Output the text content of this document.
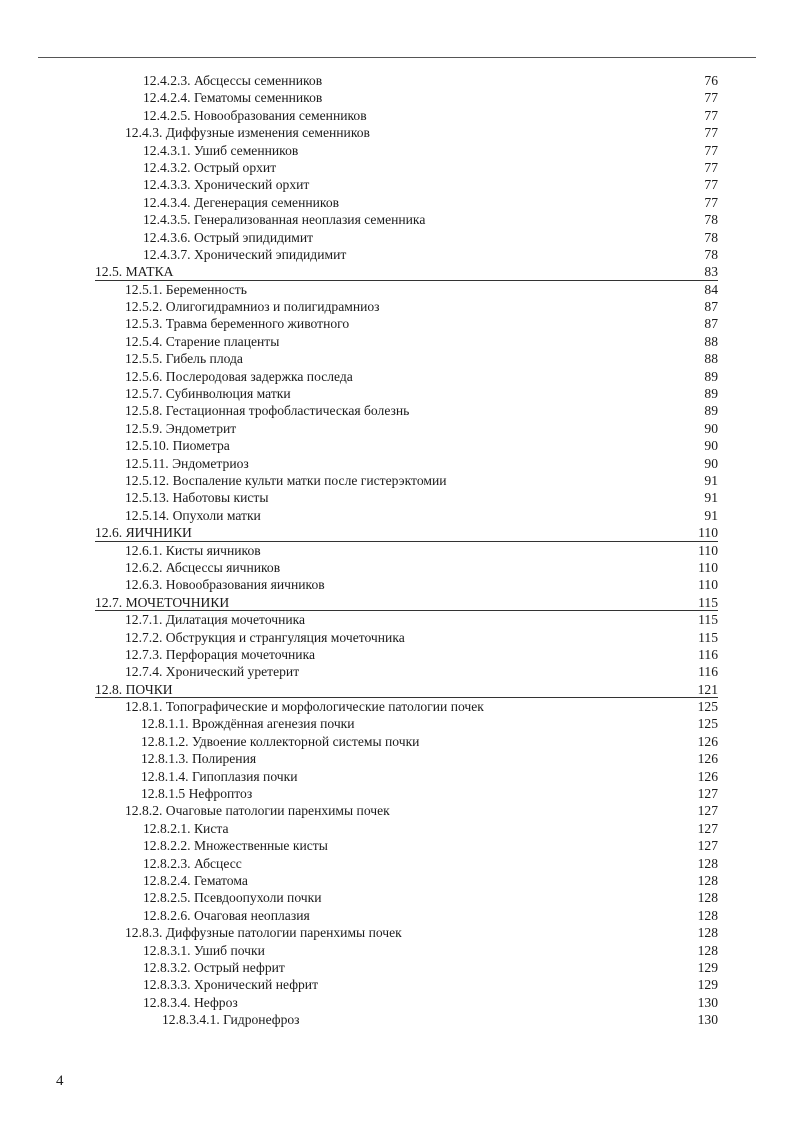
12.4.2.3. Абсцессы семенников	76
12.4.2.4. Гематомы семенников	77
12.4.2.5. Новообразования семенников	77
12.4.3. Диффузные изменения семенников	77
12.4.3.1. Ушиб семенников	77
12.4.3.2. Острый орхит	77
12.4.3.3. Хронический орхит	77
12.4.3.4. Дегенерация семенников	77
12.4.3.5. Генерализованная неоплазия семенника	78
12.4.3.6. Острый эпидидимит	78
12.4.3.7. Хронический эпидидимит	78
12.5. МАТКА	83
12.5.1. Беременность	84
12.5.2. Олигогидрамниоз и полигидрамниоз	87
12.5.3. Травма беременного животного	87
12.5.4. Старение плаценты	88
12.5.5. Гибель плода	88
12.5.6. Послеродовая задержка последа	89
12.5.7. Субинволюция матки	89
12.5.8. Гестационная трофобластическая болезнь	89
12.5.9. Эндометрит	90
12.5.10. Пиометра	90
12.5.11. Эндометриоз	90
12.5.12. Воспаление культи матки после гистерэктомии	91
12.5.13. Наботовы кисты	91
12.5.14. Опухоли матки	91
12.6. ЯИЧНИКИ	110
12.6.1. Кисты яичников	110
12.6.2. Абсцессы яичников	110
12.6.3. Новообразования яичников	110
12.7. МОЧЕТОЧНИКИ	115
12.7.1. Дилатация мочеточника	115
12.7.2. Обструкция и странгуляция мочеточника	115
12.7.3. Перфорация мочеточника	116
12.7.4. Хронический уретерит	116
12.8. ПОЧКИ	121
12.8.1. Топографические и морфологические патологии почек	125
12.8.1.1. Врождённая агенезия почки	125
12.8.1.2. Удвоение коллекторной системы почки	126
12.8.1.3. Полирения	126
12.8.1.4. Гипоплазия почки	126
12.8.1.5 Нефроптоз	127
12.8.2. Очаговые патологии паренхимы почек	127
12.8.2.1. Киста	127
12.8.2.2. Множественные кисты	127
12.8.2.3. Абсцесс	128
12.8.2.4. Гематома	128
12.8.2.5. Псевдоопухоли почки	128
12.8.2.6. Очаговая неоплазия	128
12.8.3. Диффузные патологии паренхимы почек	128
12.8.3.1. Ушиб почки	128
12.8.3.2. Острый нефрит	129
12.8.3.3. Хронический нефрит	129
12.8.3.4. Нефроз	130
12.8.3.4.1. Гидронефроз	130
4
